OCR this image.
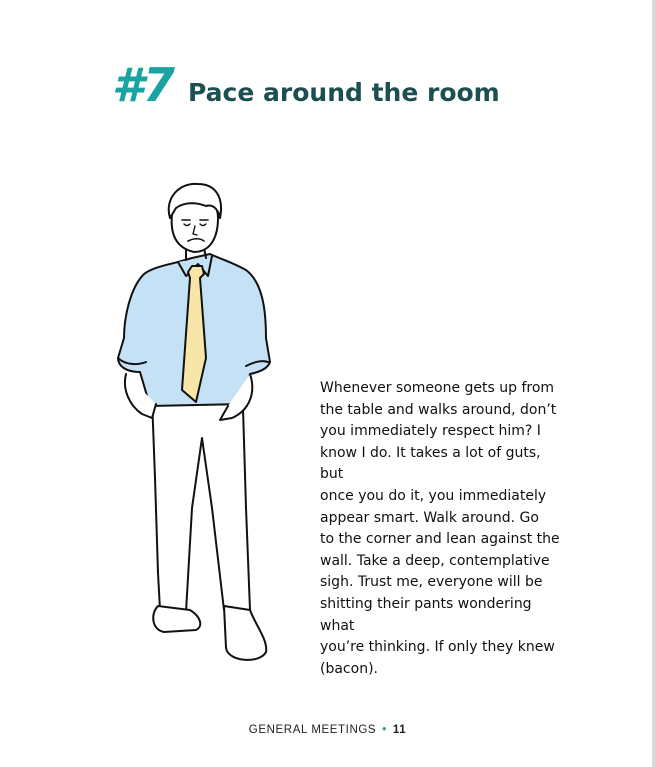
#7 Pace around the room

Whenever someone gets up from
the table and walks around, don’t
you immediately respect him? I
know I do. It takes a lot of guts, but
once you do it, you immediately
appear smart. Walk around. Go
to the corner and lean against the
wall. Take a deep, contemplative
sigh. Trust me, everyone will be
shitting their pants wondering what
you’re thinking. If only they knew
(bacon).

GENERAL MEETINGS • 11
